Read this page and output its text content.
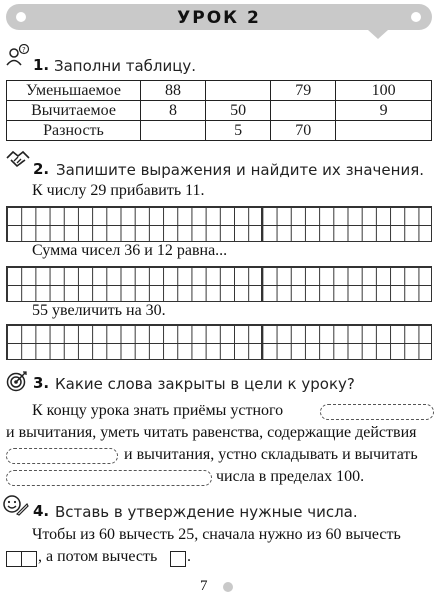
УРОК 2
?
1. Заполни таблицу.
Уменьшаемое	88		79	100
Вычитаемое	8	50		9
Разность		5	70	
2. Запишите выражения и найдите их значения.
К числу 29 прибавить 11.
Сумма чисел 36 и 12 равна...
55 увеличить на 30.
3. Какие слова закрыты в цели к уроку?
К концу урока знать приёмы устного
и вычитания, уметь читать равенства, содержащие действия
и вычитания, устно складывать и вычитать
числа в пределах 100.
4. Вставь в утверждение нужные числа.
Чтобы из 60 вычесть 25, сначала нужно из 60 вычесть
, а потом вычесть .
7
